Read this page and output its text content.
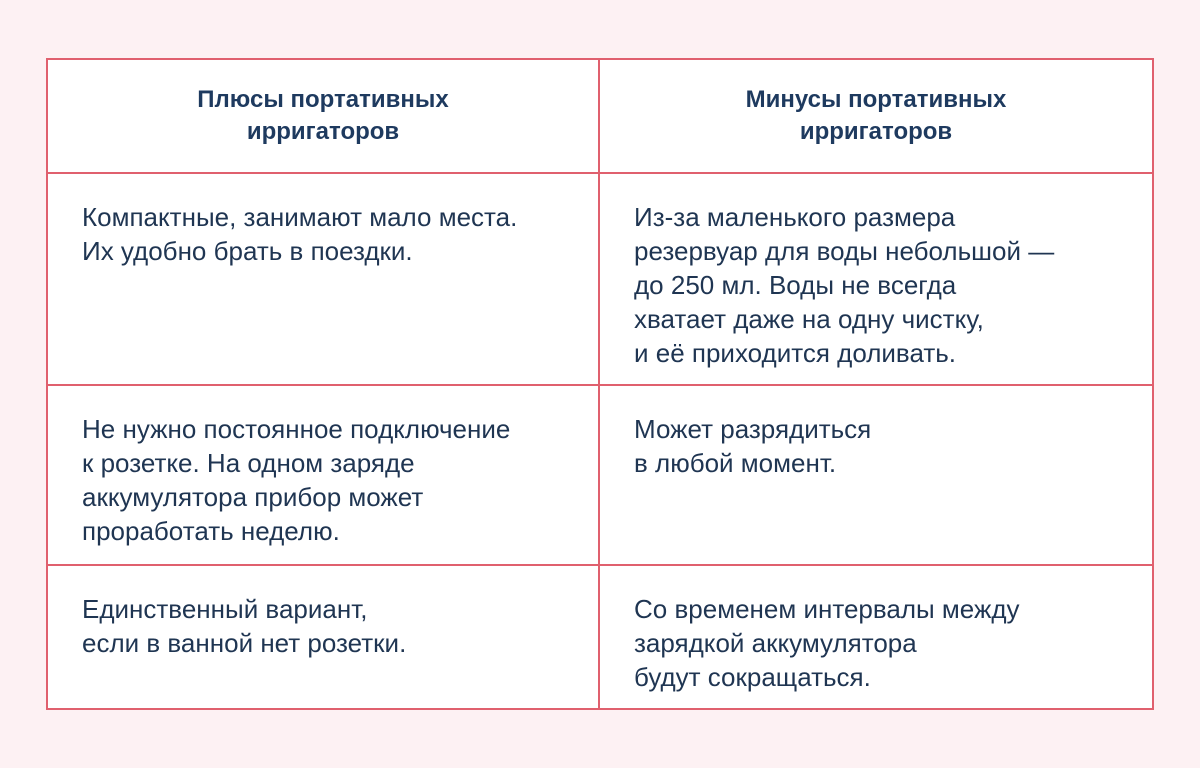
Плюсы портативных
ирригаторов
Минусы портативных
ирригаторов
Компактные, занимают мало места.
Их удобно брать в поездки.
Из-за маленького размера
резервуар для воды небольшой —
до 250 мл. Воды не всегда
хватает даже на одну чистку,
и её приходится доливать.
Не нужно постоянное подключение
к розетке. На одном заряде
аккумулятора прибор может
проработать неделю.
Может разрядиться
в любой момент.
Единственный вариант,
если в ванной нет розетки.
Со временем интервалы между
зарядкой аккумулятора
будут сокращаться.
